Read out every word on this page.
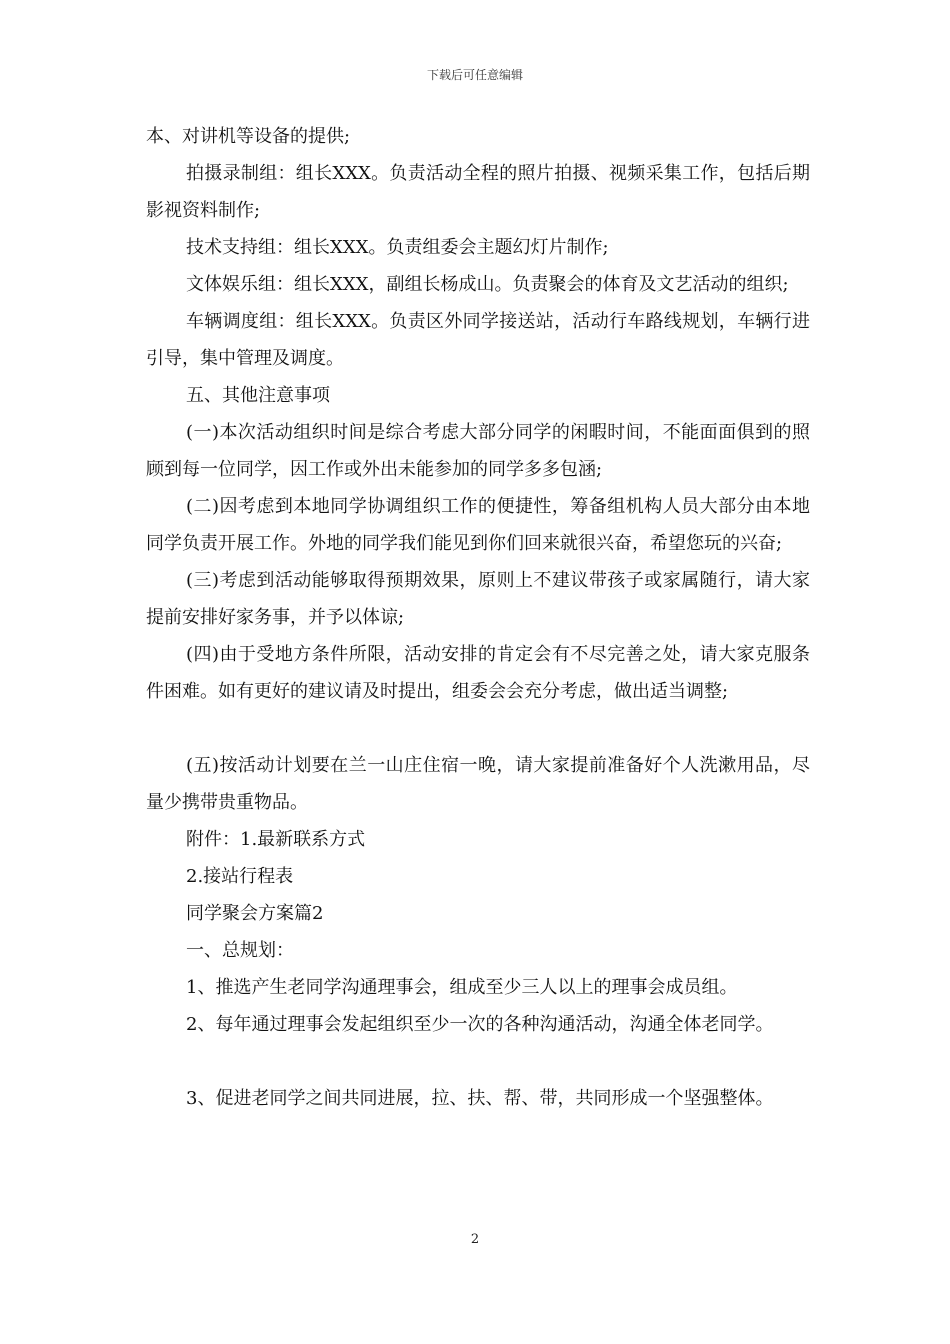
下载后可任意编辑

本、对讲机等设备的提供;

拍摄录制组：组长XXX。负责活动全程的照片拍摄、视频采集工作，包括后期影视资料制作;

技术支持组：组长XXX。负责组委会主题幻灯片制作;

文体娱乐组：组长XXX，副组长杨成山。负责聚会的体育及文艺活动的组织;

车辆调度组：组长XXX。负责区外同学接送站，活动行车路线规划，车辆行进引导，集中管理及调度。

五、其他注意事项

(一)本次活动组织时间是综合考虑大部分同学的闲暇时间，不能面面俱到的照顾到每一位同学，因工作或外出未能参加的同学多多包涵;

(二)因考虑到本地同学协调组织工作的便捷性，筹备组机构人员大部分由本地同学负责开展工作。外地的同学我们能见到你们回来就很兴奋，希望您玩的兴奋;

(三)考虑到活动能够取得预期效果，原则上不建议带孩子或家属随行，请大家提前安排好家务事，并予以体谅;

(四)由于受地方条件所限，活动安排的肯定会有不尽完善之处，请大家克服条件困难。如有更好的建议请及时提出，组委会会充分考虑，做出适当调整;

(五)按活动计划要在兰一山庄住宿一晚，请大家提前准备好个人洗漱用品，尽量少携带贵重物品。

附件：1.最新联系方式

2.接站行程表

同学聚会方案篇2

一、总规划：

1、推选产生老同学沟通理事会，组成至少三人以上的理事会成员组。

2、每年通过理事会发起组织至少一次的各种沟通活动，沟通全体老同学。

3、促进老同学之间共同进展，拉、扶、帮、带，共同形成一个坚强整体。

2
